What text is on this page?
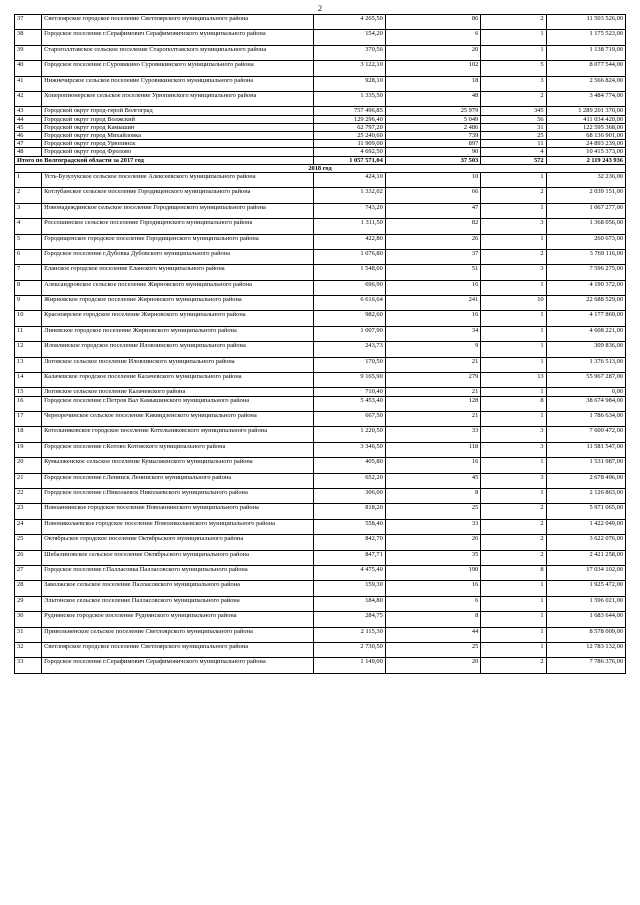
2
37	Светлоярское городское поселение Светлоярского муниципального района	4 265,50	86	2	11 503 526,00
38	Городское поселение г.Серафимович Серафимовичского муниципального района	154,20	6	1	1 175 523,00
39	Староголлтавское сельское поселение Старополтавского муниципального района	370,56	20	1	1 138 719,00
40	Городское поселение г.Суровикино Суровикинского муниципального района	3 122,10	102	5	8 077 544,00
41	Нижнечирское сельское поселение Суровикинского муниципального района	928,10	18	3	2 566 824,00
42	Хоперопионерское сельское поселение Урюпинского муниципального района	1 335,50	48	2	3 484 774,00
43	Городской округ город-герой Волгоград	757 496,85	25 979	345	1 289 201 370,00
44	Городской округ город Волжский	129 296,40	5 049	56	411 034 420,00
45	Городской округ город Камышин	62 797,20	2 486	31	122 595 368,00
46	Городской округ город Михайловка	25 240,60	739	25	68 136 901,00
47	Городской округ город Урюпинск	11 909,00	897	11	24 893 239,00
48	Городской округ город Фролово	4 692,50	90	4	10 415 373,00
Итого по Волгоградской области за 2017 год		1 057 571,04	37 503	572	2 119 243 936
2018 год					
1	Усть-Бузулукское сельское поселение Алексеевского муниципального района	424,10	10	1	32 236,00
2	Котлубанское сельское поселение Городищенского муниципального района	1 332,02	66	2	2 039 151,00
3	Новонадеждинское сельское поселение Городищенского муниципального района	743,20	47	1	1 067 277,00
4	Россошинское сельское поселение Городищенского муниципального района	1 311,50	82	3	1 368 056,00
5	Городищенское городское поселение Городищенского муниципального района	422,80	26	1	260 673,00
6	Городское поселение г.Дубовка Дубовского муниципального района	1 076,80	37	2	3 769 116,00
7	Еланское городское поселение Еланского муниципального района	1 548,60	51	3	7 596 275,00
8	Александровское сельское поселение Жирновского муниципального района	696,90	16	1	4 190 372,00
9	Жирновское городское поселение Жирновского муниципального района	6 616,64	241	10	22 688 529,00
10	Красноярское городское поселение Жирновского муниципального района	982,60	16	1	4 177 869,00
11	Линевское городское поселение Жирновского муниципального района	1 007,90	34	1	4 608 221,00
12	Иловлинское городское поселение Иловлинского муниципального района	243,73	9	1	309 836,00
13	Логовское сельское поселение Иловлинского муниципального района	170,50	21	1	1 376 513,00
14	Калачевское городское поселение Калачевского муниципального района	9 165,90	279	13	55 967 287,00
15	Логовское сельское поселение Калачевского района	710,40	21	1	0,00
16	Городское поселение г.Петров Вал Камышинского муниципального района	5 453,40	128	8	38 674 984,00
17	Черноречинское сельское поселение Киквидзенского муниципального района	667,50	21	1	1 786 634,00
18	Котельниковское городское поселение Котельниковского муниципального района	1 220,50	33	3	7 600 472,00
19	Городское поселение г.Котово Котовского муниципального района	3 346,50	118	3	11 581 547,00
20	Кумылженское сельское поселение Кумылженского муниципального района	405,80	16	1	1 531 987,00
21	Городское поселение г.Ленинск Ленинского муниципального района	652,20	45	3	2 678 496,00
22	Городское поселение г.Николаевск Николаевского муниципального района	306,00	8	1	2 126 863,00
23	Новоаннинское городское поселение Новоаннинского муниципального района	818,20	25	2	5 971 065,00
24	Новониколаевское городское поселение Новониколаевского муниципального района	558,40	33	2	1 422 049,00
25	Октябрьское городское поселение Октябрьского муниципального района	842,70	26	2	3 622 076,00
26	Шебалиновское сельское поселение Октябрьского муниципального района	847,71	35	2	2 421 258,00
27	Городское поселение г.Палласовка Палласовского муниципального района	4 475,40	190	8	17 034 102,00
28	Заволжское сельское поселение Палласовского муниципального района	159,30	16	1	1 925 472,00
29	Эльтонское сельское поселение Палласовского муниципального района	184,80	6	1	1 596 021,00
30	Руднянское городское поселение Руднянского муниципального района	284,75	8	1	1 683 644,00
31	Привольненское сельское поселение Светлоярского муниципального района	2 115,30	44	1	8 578 009,00
32	Светлоярское городское поселение Светлоярского муниципального района	2 730,50	25	1	12 783 132,00
33	Городское поселение г.Серафимович Серафимовичского муниципального района	1 149,00	20	2	7 786 376,00
